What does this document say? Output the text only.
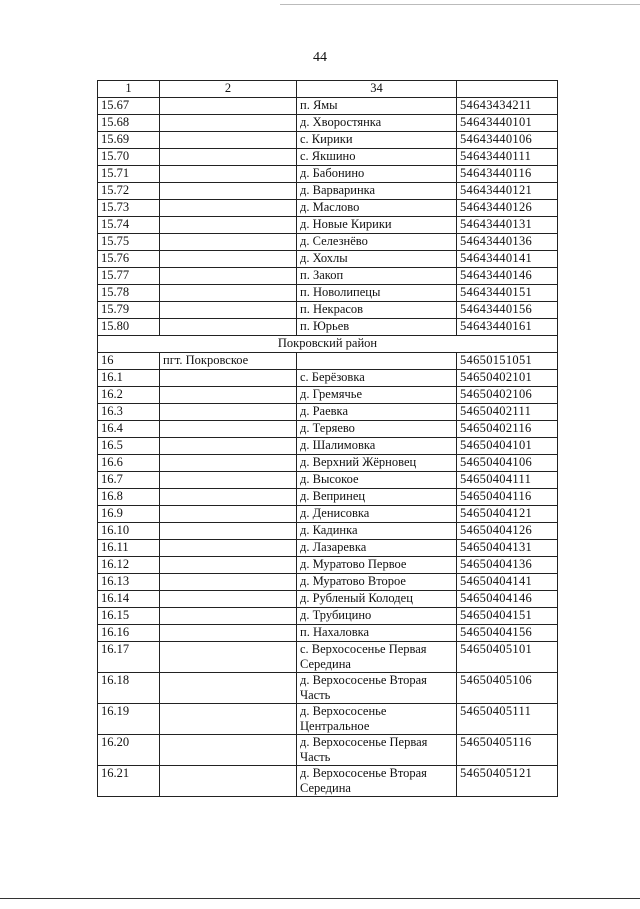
44
1	2	34	
15.67		п. Ямы	54643434211
15.68		д. Хворостянка	54643440101
15.69		с. Кирики	54643440106
15.70		с. Якшино	54643440111
15.71		д. Бабонино	54643440116
15.72		д. Варваринка	54643440121
15.73		д. Маслово	54643440126
15.74		д. Новые Кирики	54643440131
15.75		д. Селезнёво	54643440136
15.76		д. Хохлы	54643440141
15.77		п. Закоп	54643440146
15.78		п. Новолипецы	54643440151
15.79		п. Некрасов	54643440156
15.80		п. Юрьев	54643440161
Покровский район			
16	пгт. Покровское		54650151051
16.1		с. Берёзовка	54650402101
16.2		д. Гремячье	54650402106
16.3		д. Раевка	54650402111
16.4		д. Теряево	54650402116
16.5		д. Шалимовка	54650404101
16.6		д. Верхний Жёрновец	54650404106
16.7		д. Высокое	54650404111
16.8		д. Вепринец	54650404116
16.9		д. Денисовка	54650404121
16.10		д. Кадинка	54650404126
16.11		д. Лазаревка	54650404131
16.12		д. Муратово Первое	54650404136
16.13		д. Муратово Второе	54650404141
16.14		д. Рубленый Колодец	54650404146
16.15		д. Трубицино	54650404151
16.16		п. Нахаловка	54650404156
16.17		с. Верхососенье Первая Середина	54650405101
16.18		д. Верхососенье Вторая Часть	54650405106
16.19		д. Верхососенье Центральное	54650405111
16.20		д. Верхососенье Первая Часть	54650405116
16.21		д. Верхососенье Вторая Середина	54650405121
